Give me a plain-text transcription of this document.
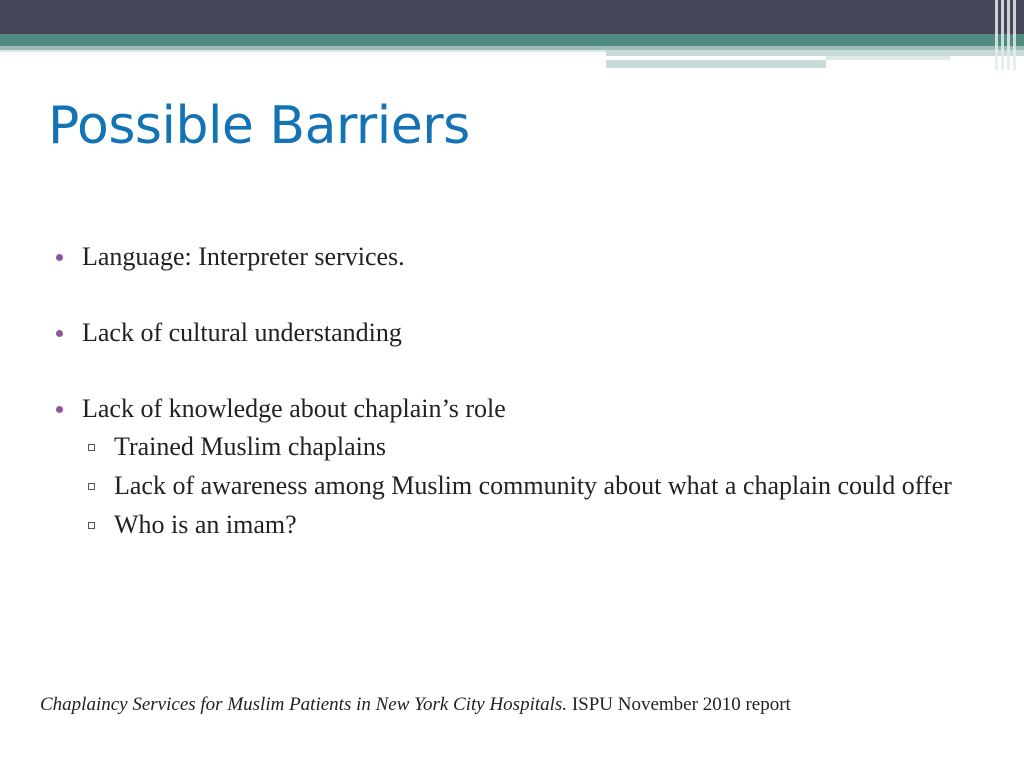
Possible Barriers
Language: Interpreter services.
Lack of cultural understanding
Lack of knowledge about chaplain’s role
Trained Muslim chaplains
Lack of awareness among Muslim community about what a chaplain could offer
Who is an imam?
Chaplaincy Services for Muslim Patients in New York City Hospitals. ISPU November 2010 report
